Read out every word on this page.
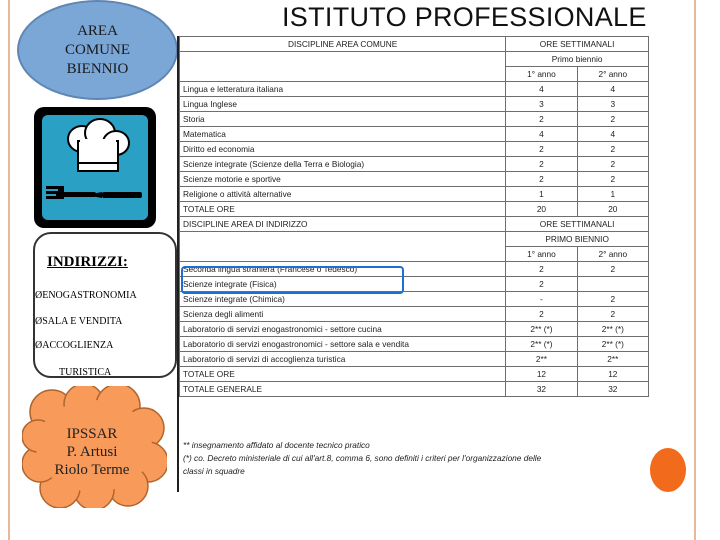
AREA
COMUNE
BIENNIO
INDIRIZZI:
ØENOGASTRONOMIA
ØSALA E VENDITA
ØACCOGLIENZA
TURISTICA
IPSSAR
P. Artusi
Riolo Terme
ISTITUTO PROFESSIONALE
DISCIPLINE AREA COMUNE	ORE SETTIMANALI	
	Primo biennio	
	1° anno	2° anno
Lingua e letteratura italiana	4	4
Lingua Inglese	3	3
Storia	2	2
Matematica	4	4
Diritto ed economia	2	2
Scienze integrate (Scienze della Terra e Biologia)	2	2
Scienze motorie e sportive	2	2
Religione o attività alternative	1	1
TOTALE ORE	20	20
DISCIPLINE AREA DI INDIRIZZO	ORE SETTIMANALI	
	PRIMO BIENNIO	
	1° anno	2° anno
Seconda lingua straniera (Francese o Tedesco)	2	2
Scienze integrate (Fisica)	2	
Scienze integrate (Chimica)	-	2
Scienza degli alimenti	2	2
Laboratorio di servizi enogastronomici - settore cucina	2** (*)	2** (*)
Laboratorio di servizi enogastronomici - settore sala e vendita	2** (*)	2** (*)
Laboratorio di servizi di accoglienza turistica	2**	2**
TOTALE ORE	12	12
TOTALE GENERALE	32	32
** insegnamento affidato al docente tecnico pratico
(*) co. Decreto ministeriale di cui all'art.8, comma 6, sono definiti i criteri per l'organizzazione delle
classi in squadre
